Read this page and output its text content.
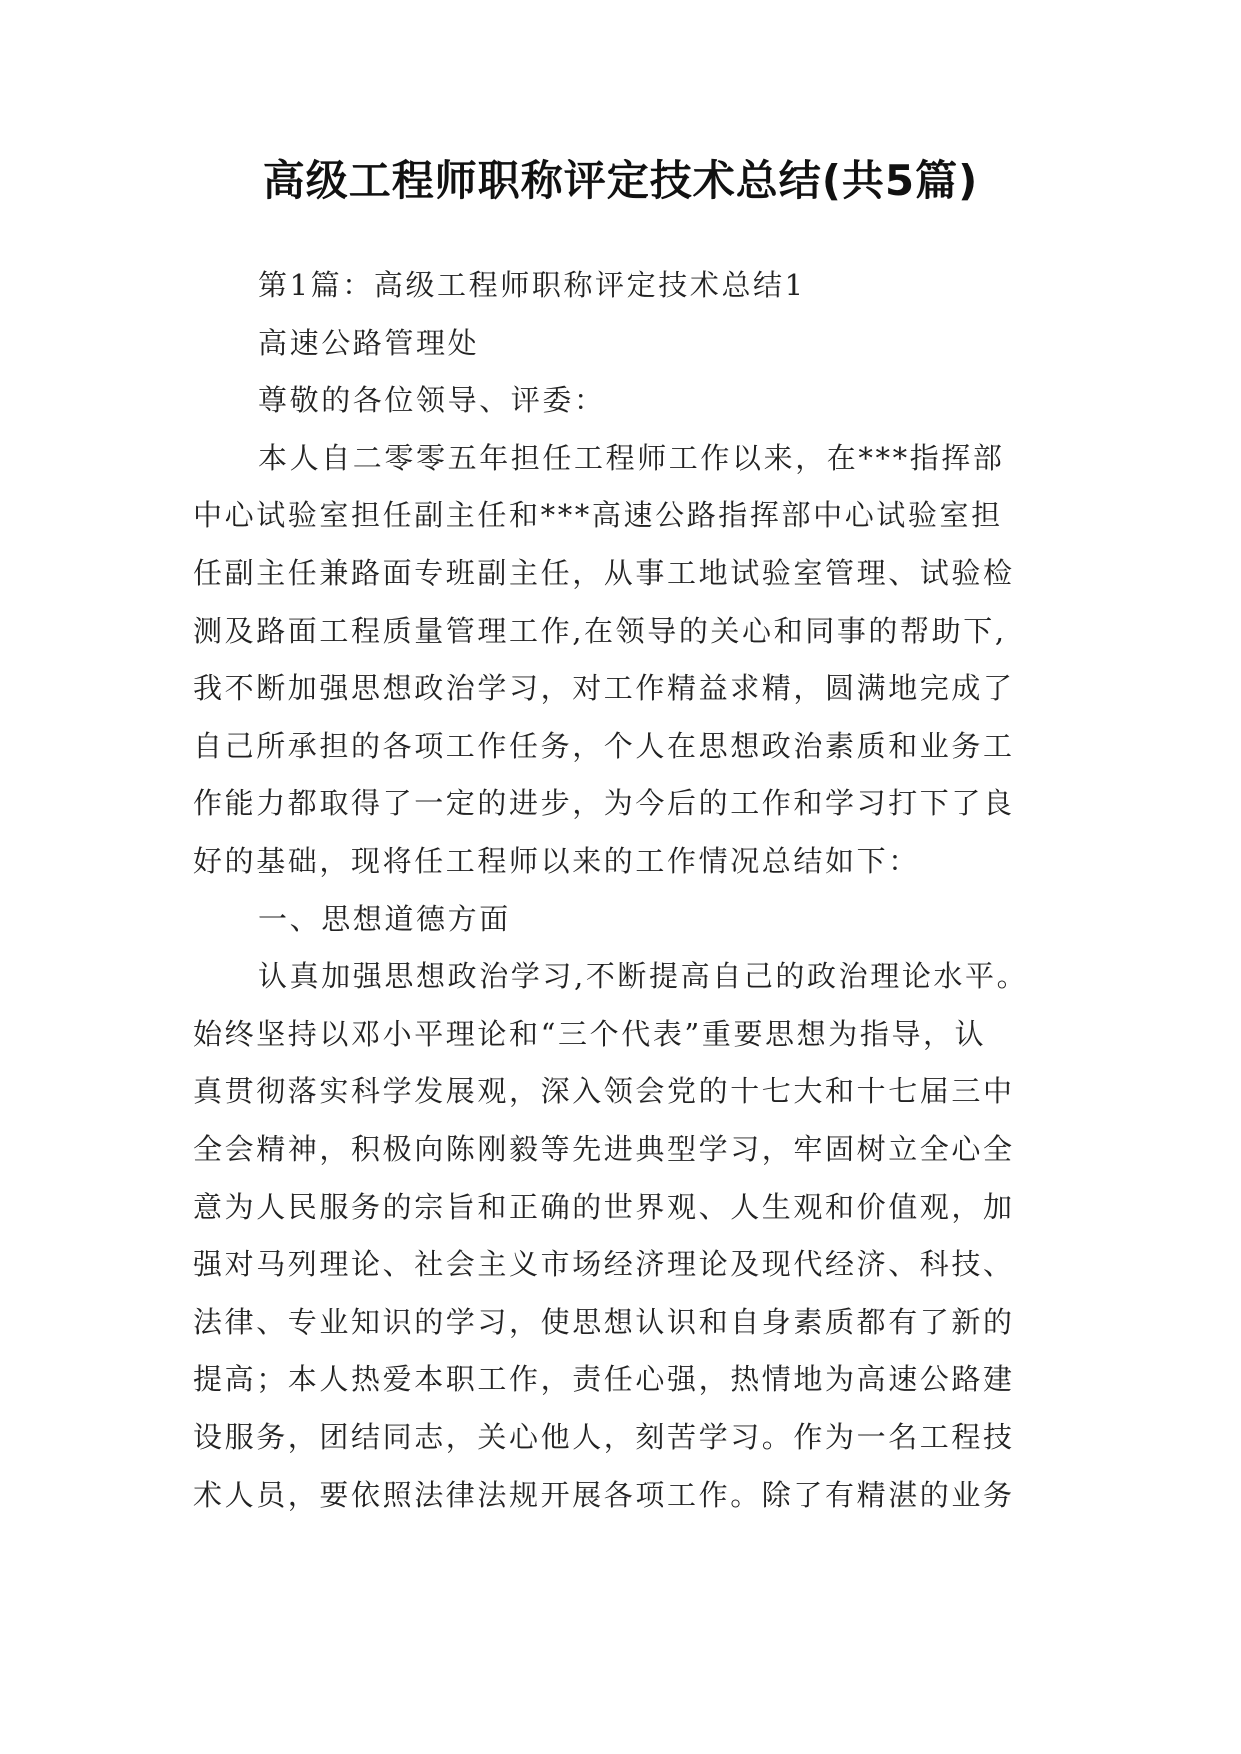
高级工程师职称评定技术总结(共5篇)
第1篇：高级工程师职称评定技术总结1
高速公路管理处
尊敬的各位领导、评委：
本人自二零零五年担任工程师工作以来，在***指挥部
中心试验室担任副主任和***高速公路指挥部中心试验室担
任副主任兼路面专班副主任，从事工地试验室管理、试验检
测及路面工程质量管理工作,在领导的关心和同事的帮助下,
我不断加强思想政治学习，对工作精益求精，圆满地完成了
自己所承担的各项工作任务，个人在思想政治素质和业务工
作能力都取得了一定的进步，为今后的工作和学习打下了良
好的基础，现将任工程师以来的工作情况总结如下：
一、思想道德方面
认真加强思想政治学习,不断提高自己的政治理论水平。
始终坚持以邓小平理论和“三个代表”重要思想为指导，认
真贯彻落实科学发展观，深入领会党的十七大和十七届三中
全会精神，积极向陈刚毅等先进典型学习，牢固树立全心全
意为人民服务的宗旨和正确的世界观、人生观和价值观，加
强对马列理论、社会主义市场经济理论及现代经济、科技、
法律、专业知识的学习，使思想认识和自身素质都有了新的
提高；本人热爱本职工作，责任心强，热情地为高速公路建
设服务，团结同志，关心他人，刻苦学习。作为一名工程技
术人员，要依照法律法规开展各项工作。除了有精湛的业务
